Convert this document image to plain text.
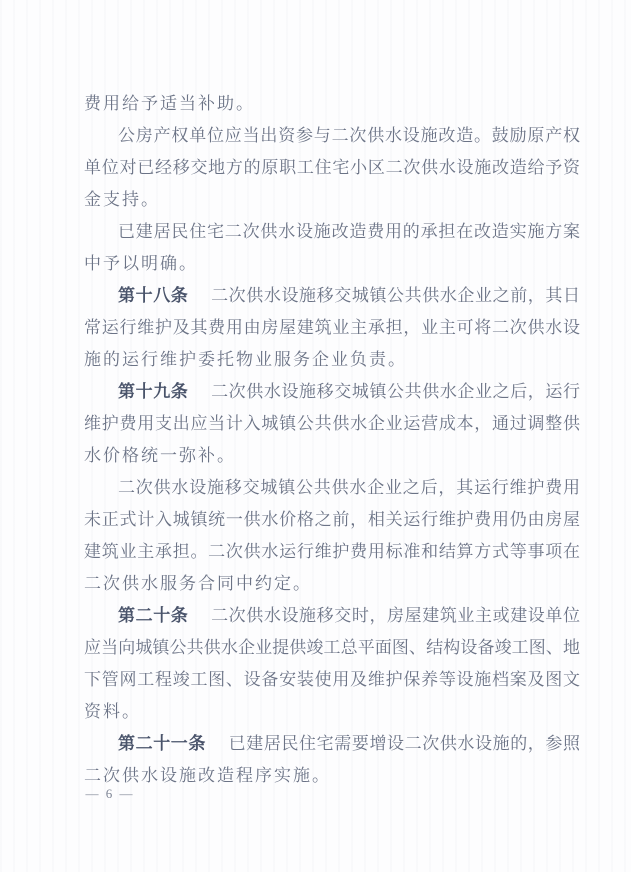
费用给予适当补助。
公房产权单位应当出资参与二次供水设施改造。鼓励原产权
单位对已经移交地方的原职工住宅小区二次供水设施改造给予资
金支持。
已建居民住宅二次供水设施改造费用的承担在改造实施方案
中予以明确。
第十八条 二次供水设施移交城镇公共供水企业之前，其日
常运行维护及其费用由房屋建筑业主承担，业主可将二次供水设
施的运行维护委托物业服务企业负责。
第十九条 二次供水设施移交城镇公共供水企业之后，运行
维护费用支出应当计入城镇公共供水企业运营成本，通过调整供
水价格统一弥补。
二次供水设施移交城镇公共供水企业之后，其运行维护费用
未正式计入城镇统一供水价格之前，相关运行维护费用仍由房屋
建筑业主承担。二次供水运行维护费用标准和结算方式等事项在
二次供水服务合同中约定。
第二十条 二次供水设施移交时，房屋建筑业主或建设单位
应当向城镇公共供水企业提供竣工总平面图、结构设备竣工图、地
下管网工程竣工图、设备安装使用及维护保养等设施档案及图文
资料。
第二十一条 已建居民住宅需要增设二次供水设施的，参照
二次供水设施改造程序实施。
— 6 —
